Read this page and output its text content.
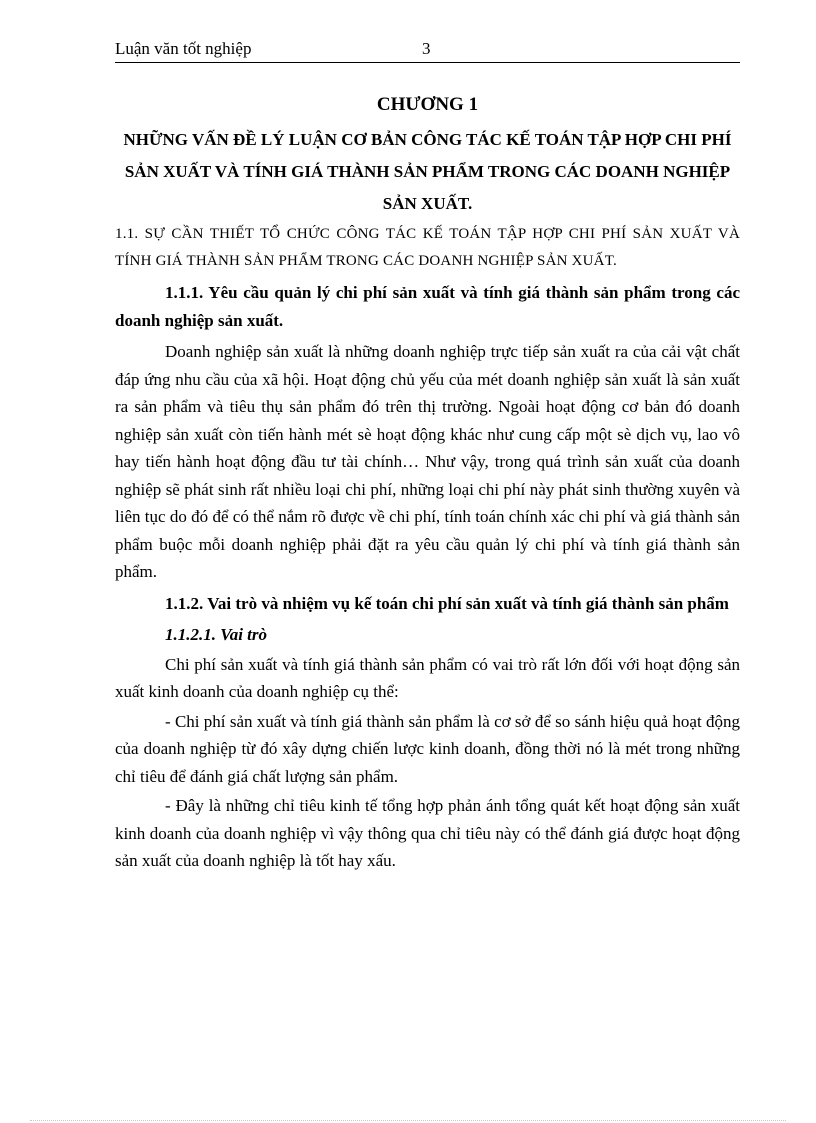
Luận văn tốt nghiệp	3
CHƯƠNG 1
NHỮNG VẤN ĐỀ LÝ LUẬN CƠ BẢN CÔNG TÁC KẾ TOÁN TẬP HỢP CHI PHÍ SẢN XUẤT VÀ TÍNH GIÁ THÀNH SẢN PHẨM TRONG CÁC DOANH NGHIỆP SẢN XUẤT.

1.1. SỰ CẦN THIẾT TỔ CHỨC CÔNG TÁC KẾ TOÁN TẬP HỢP CHI PHÍ SẢN XUẤT VÀ TÍNH GIÁ THÀNH SẢN PHẨM TRONG CÁC DOANH NGHIỆP SẢN XUẤT.

1.1.1. Yêu cầu quản lý chi phí sản xuất và tính giá thành sản phẩm trong các doanh nghiệp sản xuất.

Doanh nghiệp sản xuất là những doanh nghiệp trực tiếp sản xuất ra của cải vật chất đáp ứng nhu cầu của xã hội. Hoạt động chủ yếu của mét doanh nghiệp sản xuất là sản xuất ra sản phẩm và tiêu thụ sản phẩm đó trên thị trường. Ngoài hoạt động cơ bản đó doanh nghiệp sản xuất còn tiến hành mét sè hoạt động khác như cung cấp một sè dịch vụ, lao vô hay tiến hành hoạt động đầu tư tài chính… Như vậy, trong quá trình sản xuất của doanh nghiệp sẽ phát sinh rất nhiều loại chi phí, những loại chi phí này phát sinh thường xuyên và liên tục do đó để có thể nắm rõ được về chi phí, tính toán chính xác chi phí và giá thành sản phẩm buộc mỗi doanh nghiệp phải đặt ra yêu cầu quản lý chi phí và tính giá thành sản phẩm.

1.1.2. Vai trò và nhiệm vụ kế toán chi phí sản xuất và tính giá thành sản phẩm

1.1.2.1. Vai trò

Chi phí sản xuất và tính giá thành sản phẩm có vai trò rất lớn đối với hoạt động sản xuất kinh doanh của doanh nghiệp cụ thể:

- Chi phí sản xuất và tính giá thành sản phẩm là cơ sở để so sánh hiệu quả hoạt động của doanh nghiệp từ đó xây dựng chiến lược kinh doanh, đồng thời nó là mét trong những chỉ tiêu để đánh giá chất lượng sản phẩm.

- Đây là những chỉ tiêu kinh tế tổng hợp phản ánh tổng quát kết hoạt động sản xuất kinh doanh của doanh nghiệp vì vậy thông qua chỉ tiêu này có thể đánh giá được hoạt động sản xuất của doanh nghiệp là tốt hay xấu.
